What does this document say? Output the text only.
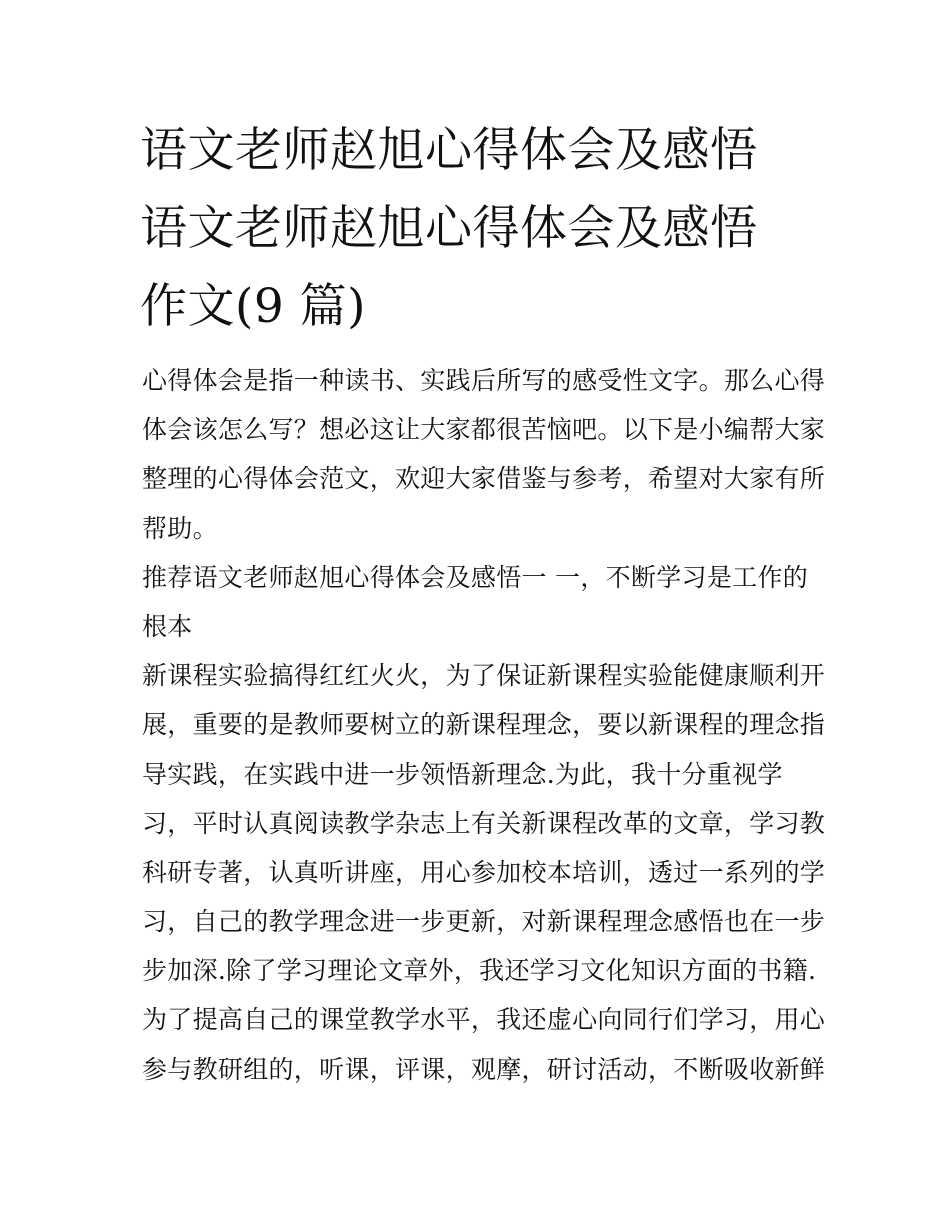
语文老师赵旭心得体会及感悟
语文老师赵旭心得体会及感悟
作文(9 篇)
心得体会是指一种读书、实践后所写的感受性文字。那么心得
体会该怎么写？想必这让大家都很苦恼吧。以下是小编帮大家
整理的心得体会范文，欢迎大家借鉴与参考，希望对大家有所
帮助。
推荐语文老师赵旭心得体会及感悟一 一，不断学习是工作的
根本
新课程实验搞得红红火火，为了保证新课程实验能健康顺利开
展，重要的是教师要树立的新课程理念，要以新课程的理念指
导实践，在实践中进一步领悟新理念.为此，我十分重视学
习，平时认真阅读教学杂志上有关新课程改革的文章，学习教
科研专著，认真听讲座，用心参加校本培训，透过一系列的学
习，自己的教学理念进一步更新，对新课程理念感悟也在一步
步加深.除了学习理论文章外，我还学习文化知识方面的书籍.
为了提高自己的课堂教学水平，我还虚心向同行们学习，用心
参与教研组的，听课，评课，观摩，研讨活动，不断吸收新鲜
